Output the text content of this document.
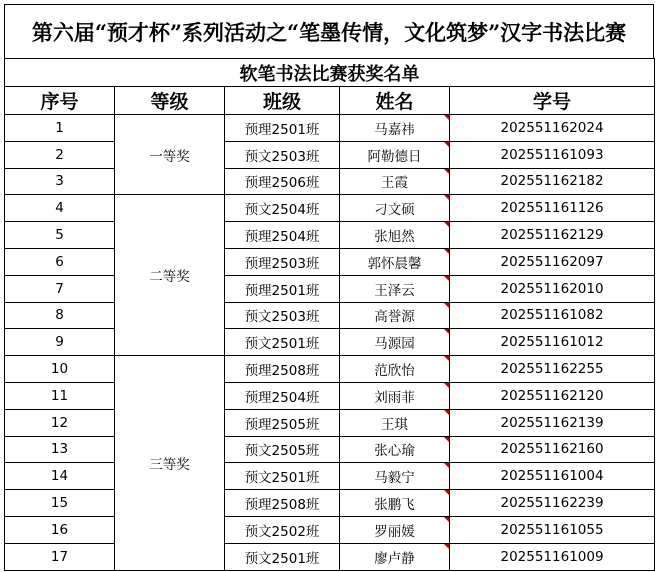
第六届“预才杯”系列活动之“笔墨传情，文化筑梦”汉字书法比赛
软笔书法比赛获奖名单				
序号	等级	班级	姓名	学号
1	一等奖	预理2501班	马嘉祎	202551162024
2		预文2503班	阿勒德日	202551161093
3		预理2506班	王霞	202551162182
4	二等奖	预文2504班	刁文硕	202551161126
5		预理2504班	张旭然	202551162129
6		预理2503班	郭怀晨馨	202551162097
7		预理2501班	王泽云	202551162010
8		预文2503班	高誉源	202551161082
9		预文2501班	马源园	202551161012
10	三等奖	预理2508班	范欣怡	202551162255
11		预理2504班	刘雨菲	202551162120
12		预理2505班	王琪	202551162139
13		预文2505班	张心瑜	202551162160
14		预文2501班	马毅宁	202551161004
15		预理2508班	张鹏飞	202551162239
16		预文2502班	罗丽媛	202551161055
17		预文2501班	廖卢静	202551161009
